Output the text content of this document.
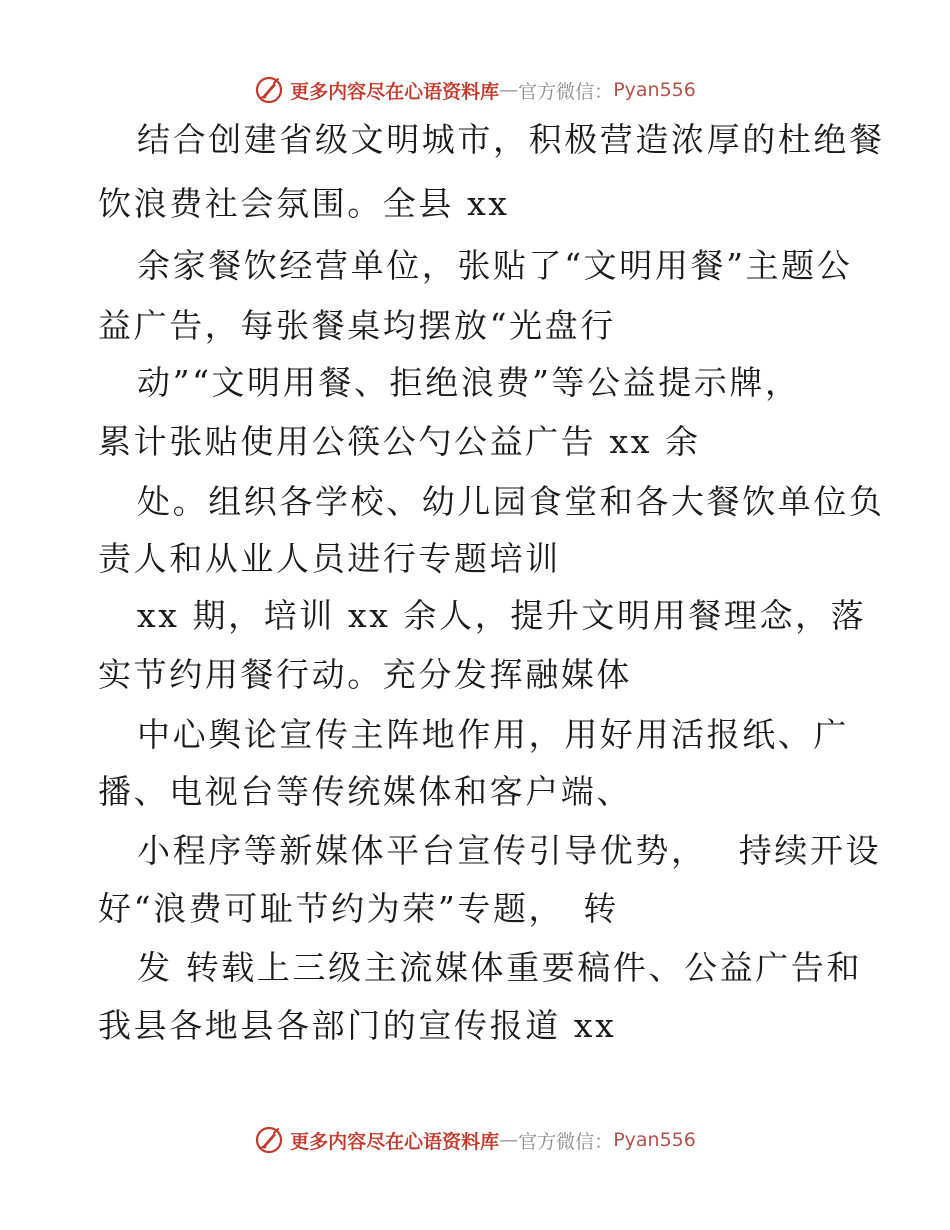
更多内容尽在心语资料库 — 官方微信： Pyan556
结合创建省级文明城市，积极营造浓厚的杜绝餐
饮浪费社会氛围。全县 xx
余家餐饮经营单位，张贴了“文明用餐”主题公
益广告，每张餐桌均摆放“光盘行
动”“文明用餐、拒绝浪费”等公益提示牌，
累计张贴使用公筷公勺公益广告 xx 余
处。组织各学校、幼儿园食堂和各大餐饮单位负
责人和从业人员进行专题培训
xx 期，培训 xx 余人，提升文明用餐理念，落
实节约用餐行动。充分发挥融媒体
中心舆论宣传主阵地作用，用好用活报纸、广
播、电视台等传统媒体和客户端、
小程序等新媒体平台宣传引导优势，　 持续开设
好“浪费可耻节约为荣”专题，　转
发 转载上三级主流媒体重要稿件、公益广告和
我县各地县各部门的宣传报道 xx
更多内容尽在心语资料库 — 官方微信： Pyan556
